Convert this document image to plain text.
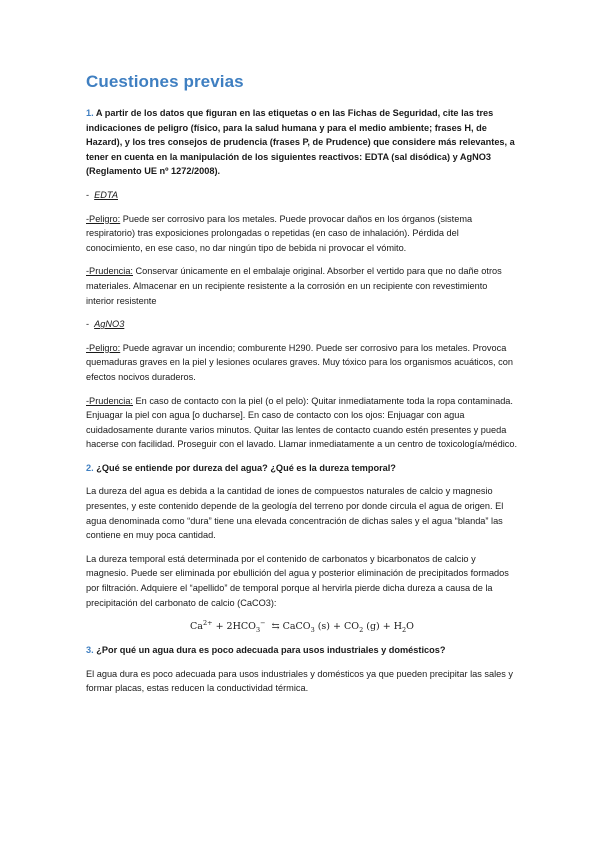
Cuestiones previas

1. A partir de los datos que figuran en las etiquetas o en las Fichas de Seguridad, cite las tres indicaciones de peligro (físico, para la salud humana y para el medio ambiente; frases H, de Hazard), y los tres consejos de prudencia (frases P, de Prudence) que considere más relevantes, a tener en cuenta en la manipulación de los siguientes reactivos: EDTA (sal disódica) y AgNO3 (Reglamento UE nº 1272/2008).

- EDTA

-Peligro: Puede ser corrosivo para los metales. Puede provocar daños en los órganos (sistema respiratorio) tras exposiciones prolongadas o repetidas (en caso de inhalación). Pérdida del conocimiento, en ese caso, no dar ningún tipo de bebida ni provocar el vómito.

-Prudencia: Conservar únicamente en el embalaje original. Absorber el vertido para que no dañe otros materiales. Almacenar en un recipiente resistente a la corrosión en un recipiente con revestimiento interior resistente

- AgNO3

-Peligro: Puede agravar un incendio; comburente H290. Puede ser corrosivo para los metales. Provoca quemaduras graves en la piel y lesiones oculares graves. Muy tóxico para los organismos acuáticos, con efectos nocivos duraderos.

-Prudencia: En caso de contacto con la piel (o el pelo): Quitar inmediatamente toda la ropa contaminada. Enjuagar la piel con agua [o ducharse]. En caso de contacto con los ojos: Enjuagar con agua cuidadosamente durante varios minutos. Quitar las lentes de contacto cuando estén presentes y pueda hacerse con facilidad. Proseguir con el lavado. Llamar inmediatamente a un centro de toxicología/médico.

2. ¿Qué se entiende por dureza del agua? ¿Qué es la dureza temporal?

La dureza del agua es debida a la cantidad de iones de compuestos naturales de calcio y magnesio presentes, y este contenido depende de la geología del terreno por donde circula el agua de origen. El agua denominada como “dura” tiene una elevada concentración de dichas sales y el agua “blanda” las contiene en muy poca cantidad.

La dureza temporal está determinada por el contenido de carbonatos y bicarbonatos de calcio y magnesio. Puede ser eliminada por ebullición del agua y posterior eliminación de precipitados formados por filtración. Adquiere el “apellido” de temporal porque al hervirla pierde dicha dureza a causa de la precipitación del carbonato de calcio (CaCO3):

$Ca^{2+} + 2HCO_3^-$  ⇆ CaCO$_3$ $(s) + CO_2$ $(g) + H_2O$

3. ¿Por qué un agua dura es poco adecuada para usos industriales y domésticos?

El agua dura es poco adecuada para usos industriales y domésticos ya que pueden precipitar las sales y formar placas, estas reducen la conductividad térmica.
